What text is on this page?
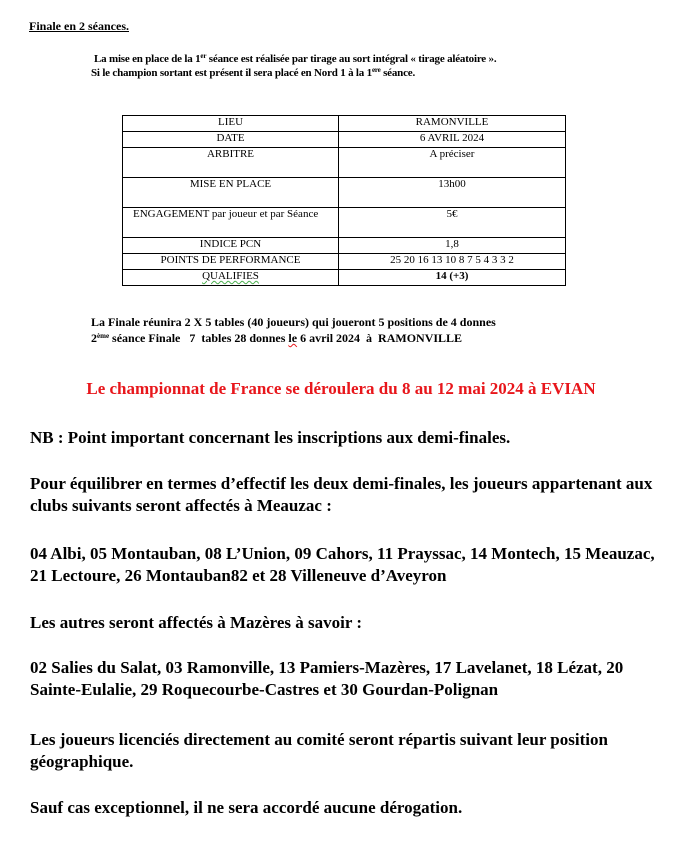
Finale en 2 séances.
La mise en place de la 1er séance est réalisée par tirage au sort intégral « tirage aléatoire ».
Si le champion sortant est présent il sera placé en Nord 1 à la 1ere séance.
LIEU	RAMONVILLE
DATE	6 AVRIL 2024
ARBITRE	A préciser
MISE EN PLACE	13h00
ENGAGEMENT par joueur et par Séance	5€
INDICE PCN	1,8
POINTS DE PERFORMANCE	25 20 16 13 10 8 7 5 4 3 3 2
QUALIFIES	14 (+3)
La Finale réunira 2 X 5 tables (40 joueurs) qui joueront 5 positions de 4 donnes
2ème séance Finale   7  tables 28 donnes le 6 avril 2024  à  RAMONVILLE
Le championnat de France se déroulera du 8 au 12 mai 2024 à EVIAN
NB : Point important concernant les inscriptions aux demi-finales.
Pour équilibrer en termes d’effectif les deux demi-finales, les joueurs appartenant aux clubs suivants seront affectés à Meauzac :
04 Albi, 05 Montauban, 08 L’Union, 09 Cahors, 11 Prayssac, 14 Montech, 15 Meauzac, 21 Lectoure, 26 Montauban82 et 28 Villeneuve d’Aveyron
Les autres seront affectés à Mazères à savoir :
02 Salies du Salat, 03 Ramonville, 13 Pamiers-Mazères, 17 Lavelanet, 18 Lézat, 20 Sainte-Eulalie, 29 Roquecourbe-Castres et 30 Gourdan-Polignan
Les joueurs licenciés directement au comité seront répartis suivant leur position géographique.
Sauf cas exceptionnel, il ne sera accordé aucune dérogation.
